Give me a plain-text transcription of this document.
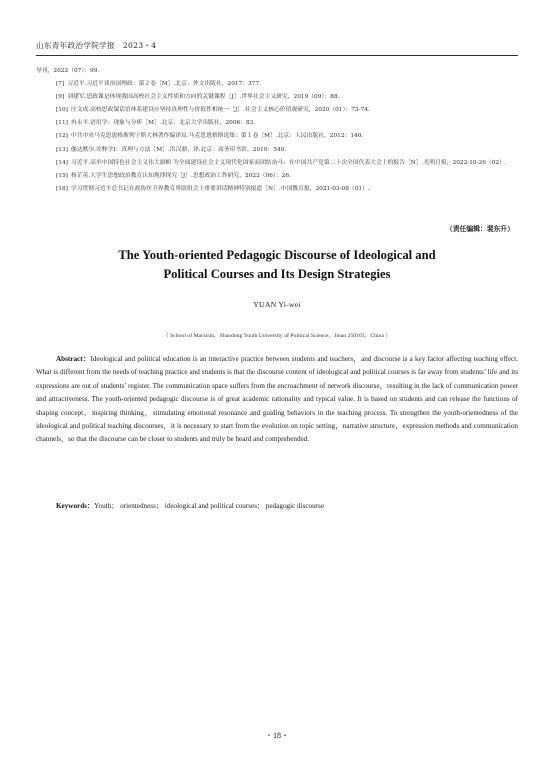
山东青年政治学院学报　2023・4

导刊，2022（07）：99.

[7] 习近平.习近平谈治国理政：第２卷［M］.北京：外文出版社，2017：377.

[9] 刘建军.思政课是体现我国高校社会主义性质和方向的关键课程［J］.世界社会主义研究，2019（09）：88.

[10] 庄文成.高校思政课话语体系建设应坚持真理性与价值性相统一［J］.社会主义核心价值观研究，2020（01）：73-74.

[11] 冉永平.语用学：现象与分析［M］.北京：北京大学出版社，2006：83.

[12] 中共中央马克思恩格斯列宁斯大林著作编译局.马克思恩格斯选集：第１卷［M］.北京：人民出版社，2012：140.

[13] 伽达默尔.诠释学Ⅰ：真理与方法［M］.洪汉鼎，译.北京：商务印书馆，2010：540.

[14] 习近平.高举中国特色社会主义伟大旗帜 为全面建设社会主义现代化国家而团结奋斗：在中国共产党第二十次全国代表大会上的报告［N］.光明日报，2022-10-26（02）.

[15] 杨芷英.大学生思想政治教育认知规律探究［J］.思想政治工作研究，2022（06）：26.

[18] 学习贯彻习近平总书记在政协医卫界教育界联组会上重要讲话精神特别报道［N］.中国教育报，2021-03-08（01）.

（责任编辑：裴东升）
The Youth-oriented Pedagogic Discourse of Ideological and
Political Courses and Its Design Strategies
YUAN Yi-wei
（ School of Marxism，Shandong Youth University of Political Science，Jinan 250103，China ）

Abstract：Ideological and political education is an interactive practice between students and teachers，and discourse is a key factor affecting teaching effect. What is different from the needs of teaching practice and students is that the discourse content of ideological and political courses is far away from students’ life and its expressions are out of students’ register. The communication space suffers from the encroachment of network discourse，resulting in the lack of communication power and attractiveness. The youth-oriented pedagogic discourse is of great academic rationality and typical value. It is based on students and can release the functions of shaping concept，inspiring thinking，stimulating emotional resonance and guiding behaviors in the teaching process. To strengthen the youth-orientedness of the ideological and political teaching discourses，it is necessary to start from the evolution on topic setting，narrative structure，expression methods and communication channels，so that the discourse can be closer to students and truly be heard and comprehended.

Keywords：Youth； orientedness； ideological and political courses； pedagogic discourse

・18・
